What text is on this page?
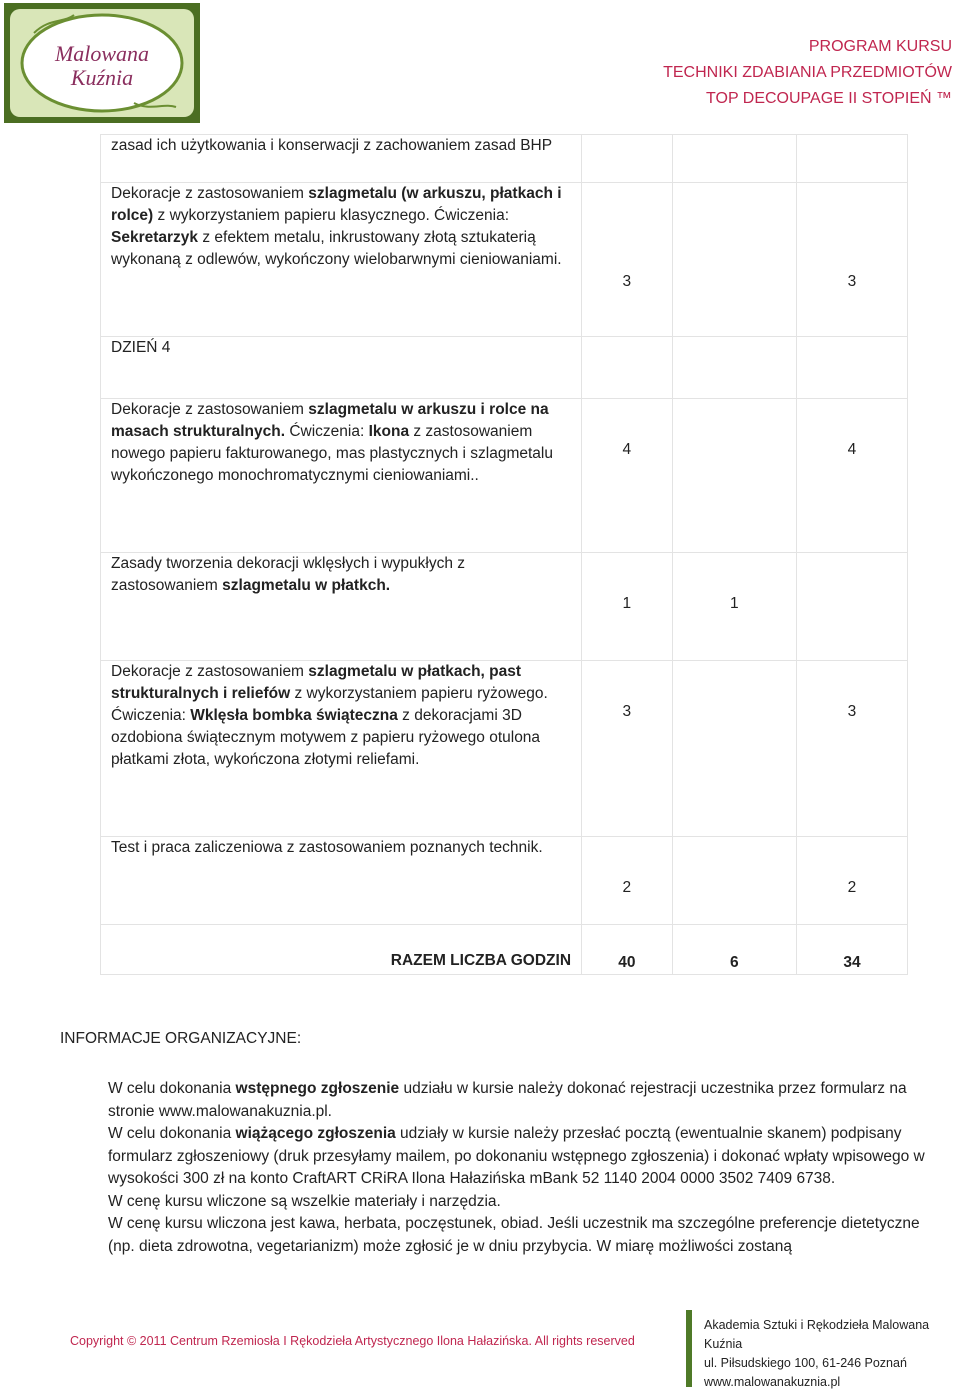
Malowana
Kuźnia
PROGRAM KURSU
TECHNIKI ZDABIANIA PRZEDMIOTÓW
TOP DECOUPAGE II STOPIEŃ ™
zasad ich użytkowania i konserwacji z zachowaniem zasad BHP			
Dekoracje z zastosowaniem szlagmetalu (w arkuszu, płatkach i rolce) z wykorzystaniem papieru klasycznego. Ćwiczenia: Sekretarzyk z efektem metalu, inkrustowany złotą sztukaterią wykonaną z odlewów, wykończony wielobarwnymi cieniowaniami.	3		3
DZIEŃ 4			
Dekoracje z zastosowaniem szlagmetalu w arkuszu i rolce na masach strukturalnych. Ćwiczenia: Ikona z zastosowaniem nowego papieru fakturowanego, mas plastycznych i szlagmetalu wykończonego monochromatycznymi cieniowaniami..	4		4
Zasady tworzenia dekoracji wklęsłych i wypukłych z zastosowaniem szlagmetalu w płatkch.	1	1	
Dekoracje z zastosowaniem szlagmetalu w płatkach, past strukturalnych i reliefów z wykorzystaniem papieru ryżowego. Ćwiczenia: Wklęsła bombka świąteczna z dekoracjami 3D ozdobiona świątecznym motywem z papieru ryżowego otulona płatkami złota, wykończona złotymi reliefami.	3		3
Test i praca zaliczeniowa z zastosowaniem poznanych technik.	2		2
RAZEM LICZBA GODZIN	40	6	34
INFORMACJE ORGANIZACYJNE:

W celu dokonania wstępnego zgłoszenie udziału w kursie należy dokonać rejestracji uczestnika przez formularz na stronie www.malowanakuznia.pl.

W celu dokonania wiążącego zgłoszenia udziały w kursie należy przesłać pocztą (ewentualnie skanem) podpisany formularz zgłoszeniowy (druk przesyłamy mailem, po dokonaniu wstępnego zgłoszenia) i dokonać wpłaty wpisowego w wysokości 300 zł na konto CraftART CRiRA Ilona Hałazińska mBank 52 1140 2004 0000 3502 7409 6738.

W cenę kursu wliczone są wszelkie materiały i narzędzia.

W cenę kursu wliczona jest kawa, herbata, poczęstunek, obiad. Jeśli uczestnik ma szczególne preferencje dietetyczne (np. dieta zdrowotna, vegetarianizm) może zgłosić je w dniu przybycia. W miarę możliwości zostaną

Copyright © 2011 Centrum Rzemiosła I Rękodzieła Artystycznego Ilona Hałazińska. All rights reserved
Akademia Sztuki i Rękodzieła Malowana Kuźnia
ul. Piłsudskiego 100, 61-246 Poznań
www.malowanakuznia.pl
